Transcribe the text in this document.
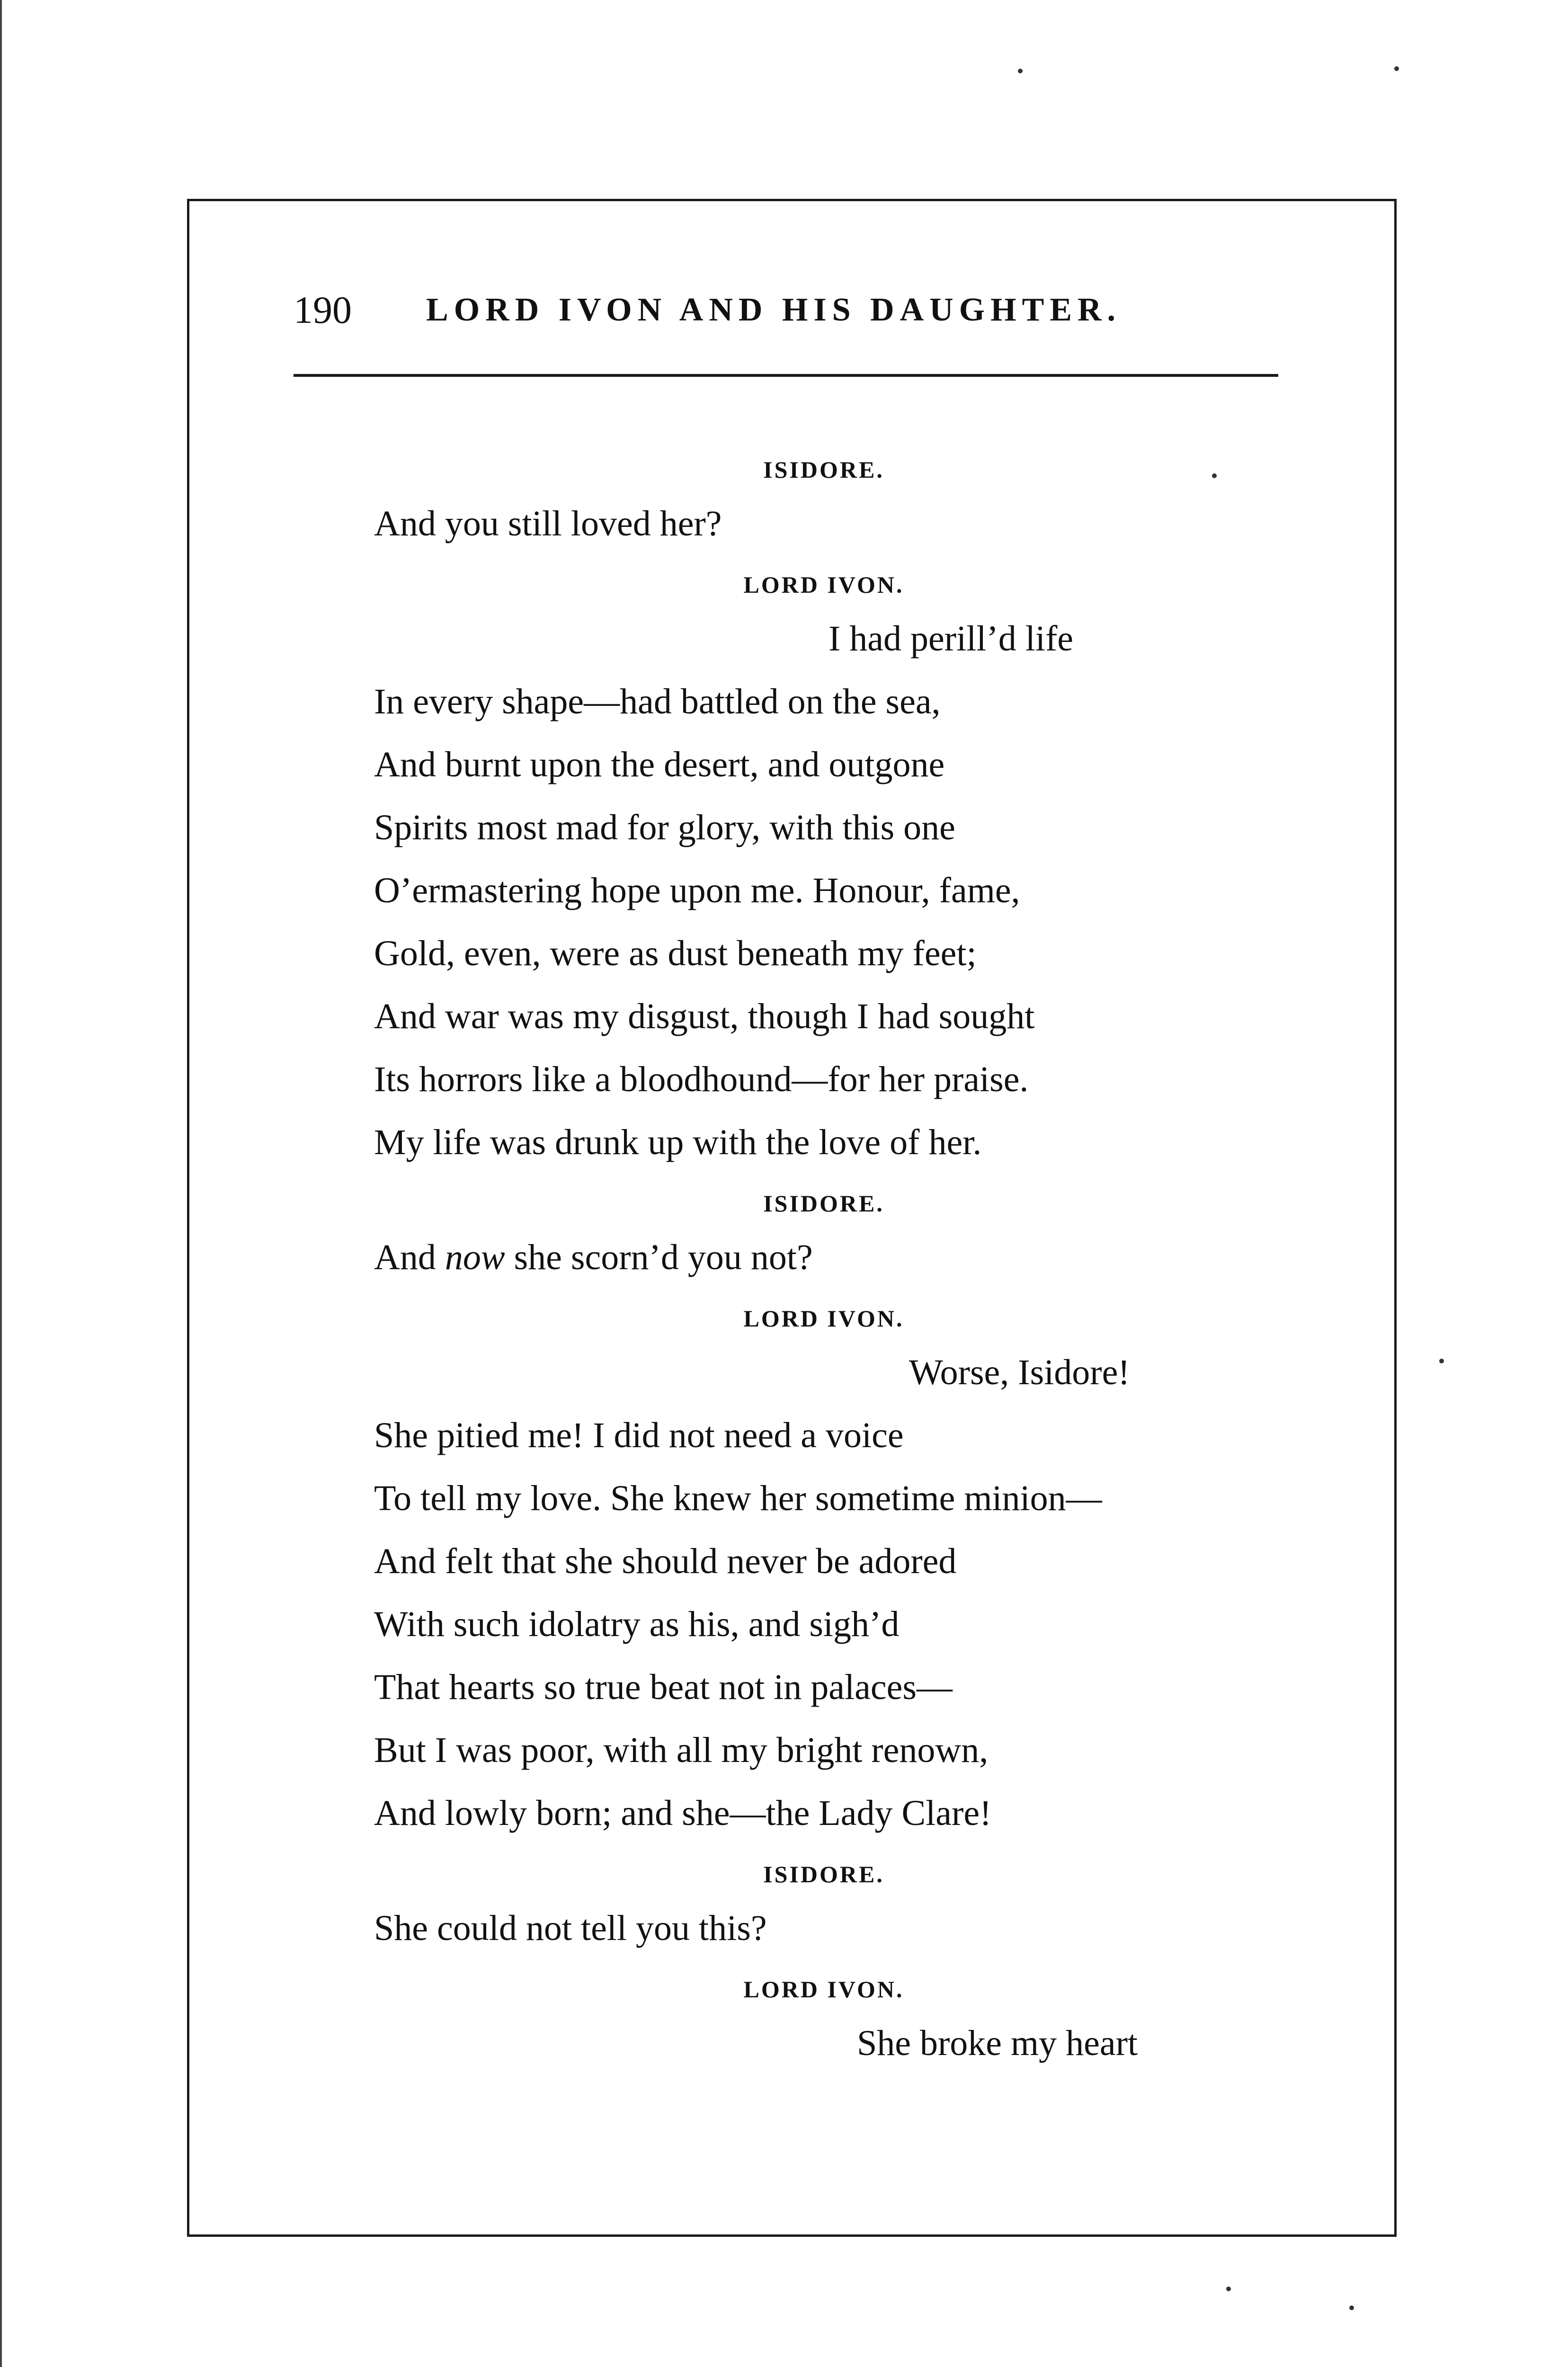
190 LORD IVON AND HIS DAUGHTER.
ISIDORE.
And you still loved her?
LORD IVON.
I had perill’d life
In every shape—had battled on the sea,
And burnt upon the desert, and outgone
Spirits most mad for glory, with this one
O’ermastering hope upon me. Honour, fame,
Gold, even, were as dust beneath my feet;
And war was my disgust, though I had sought
Its horrors like a bloodhound—for her praise.
My life was drunk up with the love of her.
ISIDORE.
And now she scorn’d you not?
LORD IVON.
Worse, Isidore!
She pitied me! I did not need a voice
To tell my love. She knew her sometime minion—
And felt that she should never be adored
With such idolatry as his, and sigh’d
That hearts so true beat not in palaces—
But I was poor, with all my bright renown,
And lowly born; and she—the Lady Clare!
ISIDORE.
She could not tell you this?
LORD IVON.
She broke my heart
